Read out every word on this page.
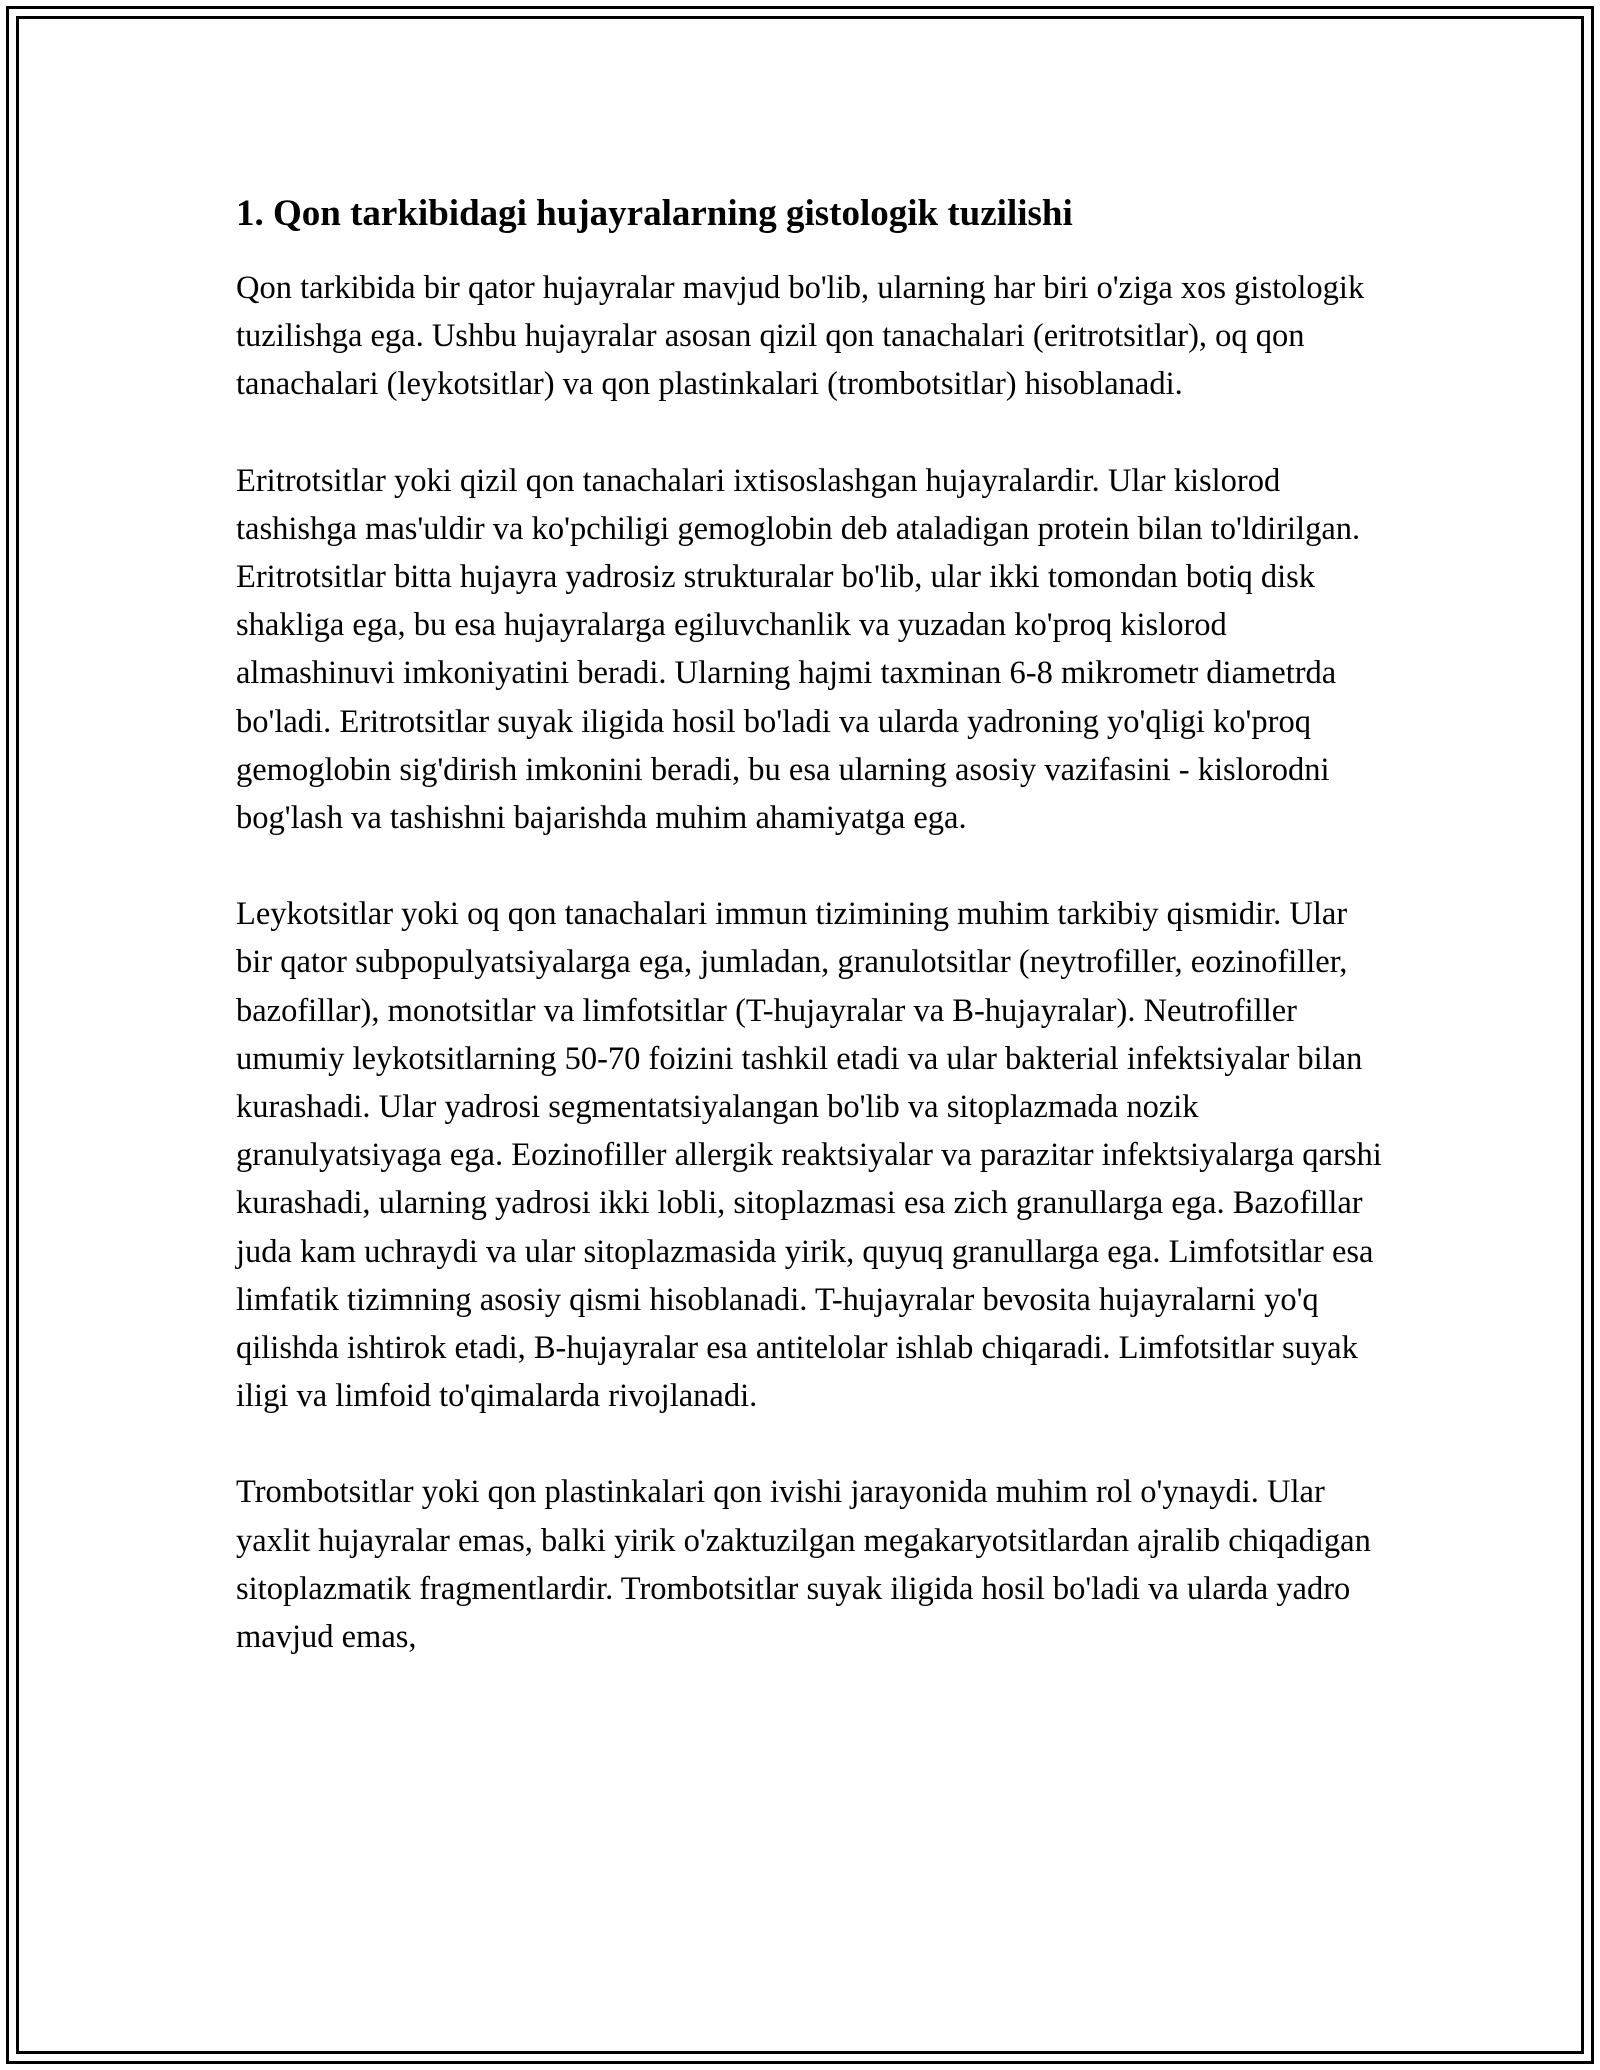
1. Qon tarkibidagi hujayralarning gistologik tuzilishi

Qon tarkibida bir qator hujayralar mavjud bo'lib, ularning har biri o'ziga xos gistologik tuzilishga ega. Ushbu hujayralar asosan qizil qon tanachalari (eritrotsitlar), oq qon tanachalari (leykotsitlar) va qon plastinkalari (trombotsitlar) hisoblanadi.

Eritrotsitlar yoki qizil qon tanachalari ixtisoslashgan hujayralardir. Ular kislorod tashishga mas'uldir va ko'pchiligi gemoglobin deb ataladigan protein bilan to'ldirilgan. Eritrotsitlar bitta hujayra yadrosiz strukturalar bo'lib, ular ikki tomondan botiq disk shakliga ega, bu esa hujayralarga egiluvchanlik va yuzadan ko'proq kislorod almashinuvi imkoniyatini beradi. Ularning hajmi taxminan 6-8 mikrometr diametrda bo'ladi. Eritrotsitlar suyak iligida hosil bo'ladi va ularda yadroning yo'qligi ko'proq gemoglobin sig'dirish imkonini beradi, bu esa ularning asosiy vazifasini - kislorodni bog'lash va tashishni bajarishda muhim ahamiyatga ega.

Leykotsitlar yoki oq qon tanachalari immun tizimining muhim tarkibiy qismidir. Ular bir qator subpopulyatsiyalarga ega, jumladan, granulotsitlar (neytrofiller, eozinofiller, bazofillar), monotsitlar va limfotsitlar (T-hujayralar va B-hujayralar). Neutrofiller umumiy leykotsitlarning 50-70 foizini tashkil etadi va ular bakterial infektsiyalar bilan kurashadi. Ular yadrosi segmentatsiyalangan bo'lib va sitoplazmada nozik granulyatsiyaga ega. Eozinofiller allergik reaktsiyalar va parazitar infektsiyalarga qarshi kurashadi, ularning yadrosi ikki lobli, sitoplazmasi esa zich granullarga ega. Bazofillar juda kam uchraydi va ular sitoplazmasida yirik, quyuq granullarga ega. Limfotsitlar esa limfatik tizimning asosiy qismi hisoblanadi. T-hujayralar bevosita hujayralarni yo'q qilishda ishtirok etadi, B-hujayralar esa antitelolar ishlab chiqaradi. Limfotsitlar suyak iligi va limfoid to'qimalarda rivojlanadi.

Trombotsitlar yoki qon plastinkalari qon ivishi jarayonida muhim rol o'ynaydi. Ular yaxlit hujayralar emas, balki yirik o'zaktuzilgan megakaryotsitlardan ajralib chiqadigan sitoplazmatik fragmentlardir. Trombotsitlar suyak iligida hosil bo'ladi va ularda yadro mavjud emas,
